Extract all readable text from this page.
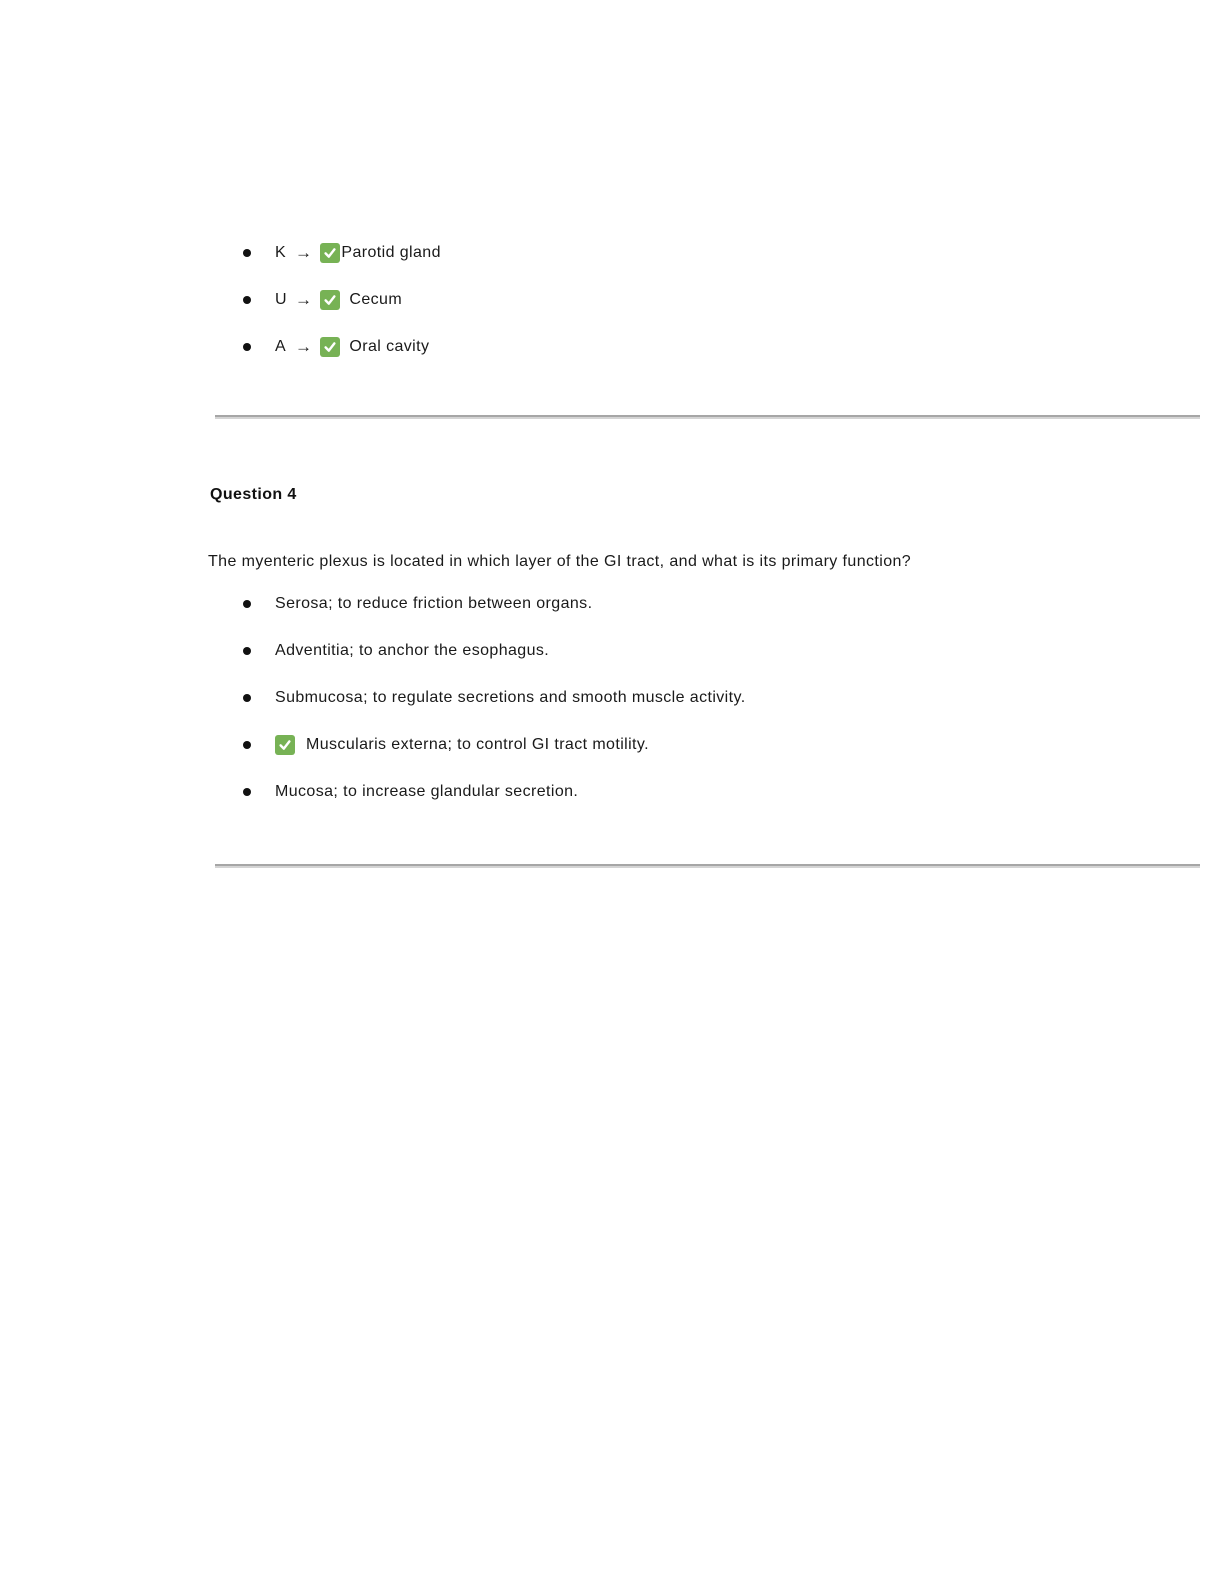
K → Parotid gland
U → Cecum
A → Oral cavity
Question 4

The myenteric plexus is located in which layer of the GI tract, and what is its primary function?

Serosa; to reduce friction between organs.
Adventitia; to anchor the esophagus.
Submucosa; to regulate secretions and smooth muscle activity.
Muscularis externa; to control GI tract motility.
Mucosa; to increase glandular secretion.
